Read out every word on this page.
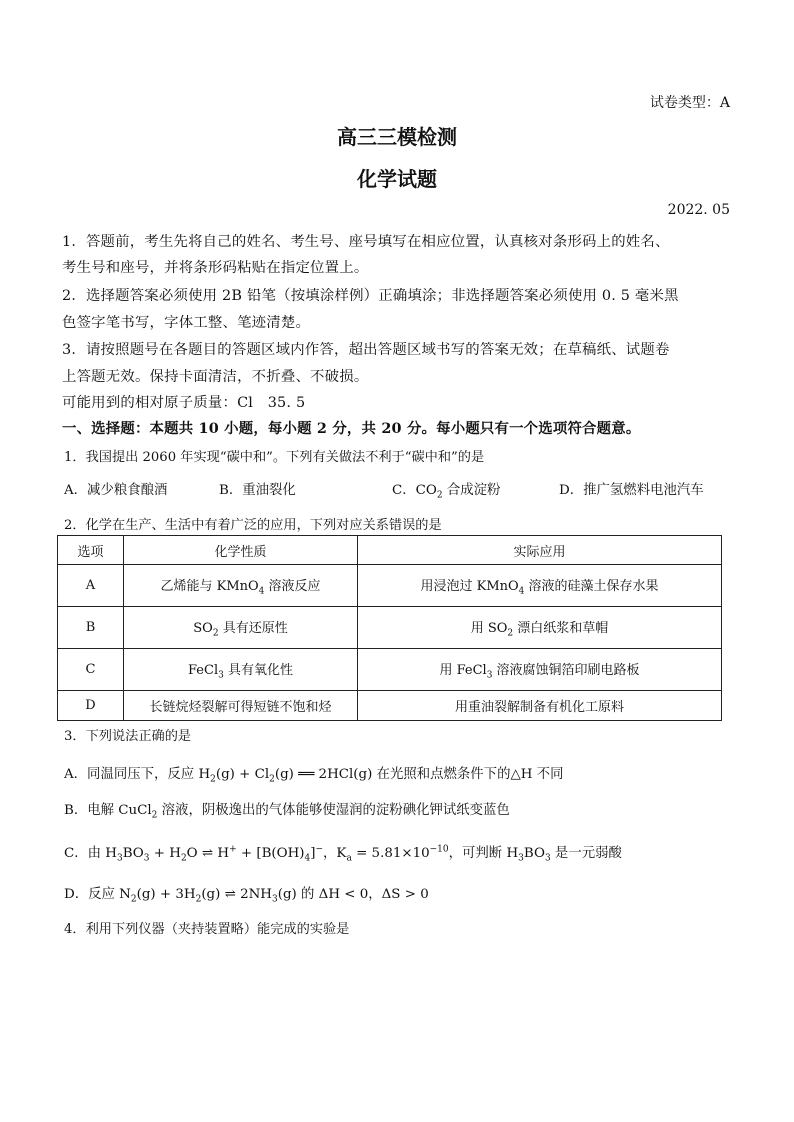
试卷类型：A
高三三模检测
化学试题
2022. 05
1．答题前，考生先将自己的姓名、考生号、座号填写在相应位置，认真核对条形码上的姓名、
考生号和座号，并将条形码粘贴在指定位置上。
2．选择题答案必须使用 2B 铅笔（按填涂样例）正确填涂；非选择题答案必须使用 0. 5 毫米黑
色签字笔书写，字体工整、笔迹清楚。
3．请按照题号在各题目的答题区域内作答，超出答题区域书写的答案无效；在草稿纸、试题卷
上答题无效。保持卡面清洁，不折叠、不破损。
可能用到的相对原子质量：Cl　35. 5
一、选择题：本题共 10 小题，每小题 2 分，共 20 分。每小题只有一个选项符合题意。
1．我国提出 2060 年实现“碳中和”。下列有关做法不利于“碳中和”的是
A．减少粮食酿酒	B．重油裂化	C．$CO_2$ 合成淀粉	D．推广氢燃料电池汽车
2．化学在生产、生活中有着广泛的应用，下列对应关系错误的是
选项	化学性质	实际应用
A	乙烯能与 KMnO$_4$ 溶液反应	用浸泡过 KMnO$_4$ 溶液的硅藻土保存水果
B	$SO_2$ 具有还原性	用 $SO_2$ 漂白纸浆和草帽
C	FeCl$_3$ 具有氧化性	用 FeCl$_3$ 溶液腐蚀铜箔印刷电路板
D	长链烷烃裂解可得短链不饱和烃	用重油裂解制备有机化工原料
3．下列说法正确的是
A．同温同压下，反应 $H_2(g) + Cl_2(g)$ ══ 2HCl(g) 在光照和点燃条件下的△H 不同
B．电解 CuCl$_2$ 溶液，阴极逸出的气体能够使湿润的淀粉碘化钾试纸变蓝色
C．由 $H_3BO_3 + H_2O$ ⇌ $H^+ + [B(OH)_4]^-$，$K_a = 5.81\times 10^{-10}$，可判断 $H_3BO_3$ 是一元弱酸
D．反应 $N_2(g) + 3H_2(g)$ ⇌ $2NH_3(g)$ 的 ΔH < 0，ΔS > 0
4．利用下列仪器（夹持装置略）能完成的实验是
